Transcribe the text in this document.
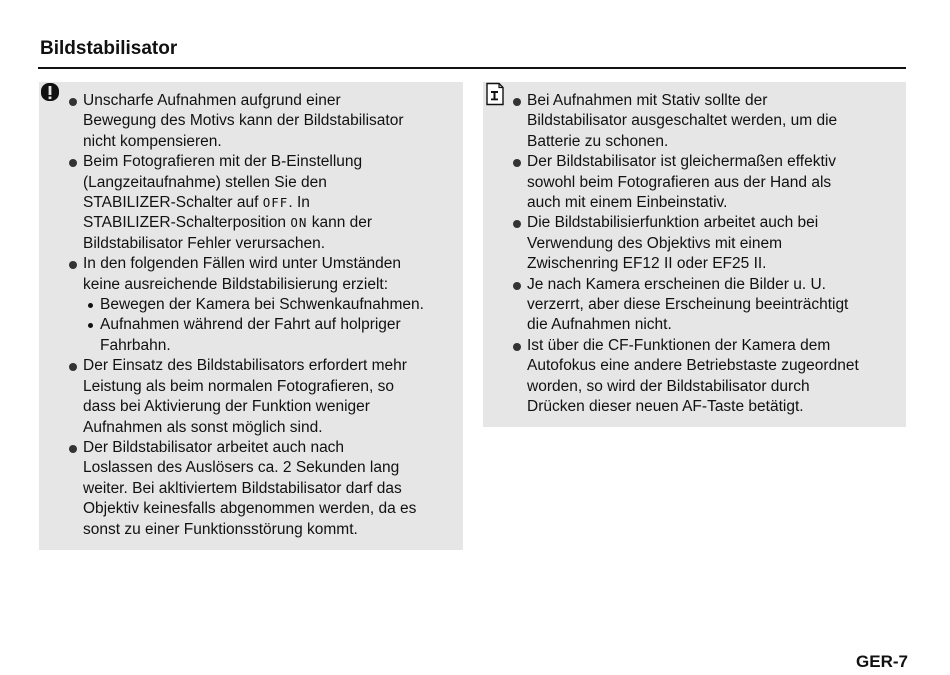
Bildstabilisator
Unscharfe Aufnahmen aufgrund einer
Bewegung des Motivs kann der Bildstabilisator
nicht kompensieren.
Beim Fotografieren mit der B-Einstellung
(Langzeitaufnahme) stellen Sie den
STABILIZER-Schalter auf OFF. In
STABILIZER-Schalterposition ON kann der
Bildstabilisator Fehler verursachen.
In den folgenden Fällen wird unter Umständen
keine ausreichende Bildstabilisierung erzielt:
Bewegen der Kamera bei Schwenkaufnahmen.
Aufnahmen während der Fahrt auf holpriger
Fahrbahn.
Der Einsatz des Bildstabilisators erfordert mehr
Leistung als beim normalen Fotografieren, so
dass bei Aktivierung der Funktion weniger
Aufnahmen als sonst möglich sind.
Der Bildstabilisator arbeitet auch nach
Loslassen des Auslösers ca. 2 Sekunden lang
weiter. Bei akltiviertem Bildstabilisator darf das
Objektiv keinesfalls abgenommen werden, da es
sonst zu einer Funktionsstörung kommt.
Bei Aufnahmen mit Stativ sollte der
Bildstabilisator ausgeschaltet werden, um die
Batterie zu schonen.
Der Bildstabilisator ist gleichermaßen effektiv
sowohl beim Fotografieren aus der Hand als
auch mit einem Einbeinstativ.
Die Bildstabilisierfunktion arbeitet auch bei
Verwendung des Objektivs mit einem
Zwischenring EF12 II oder EF25 II.
Je nach Kamera erscheinen die Bilder u. U.
verzerrt, aber diese Erscheinung beeinträchtigt
die Aufnahmen nicht.
Ist über die CF-Funktionen der Kamera dem
Autofokus eine andere Betriebstaste zugeordnet
worden, so wird der Bildstabilisator durch
Drücken dieser neuen AF-Taste betätigt.
GER-7
